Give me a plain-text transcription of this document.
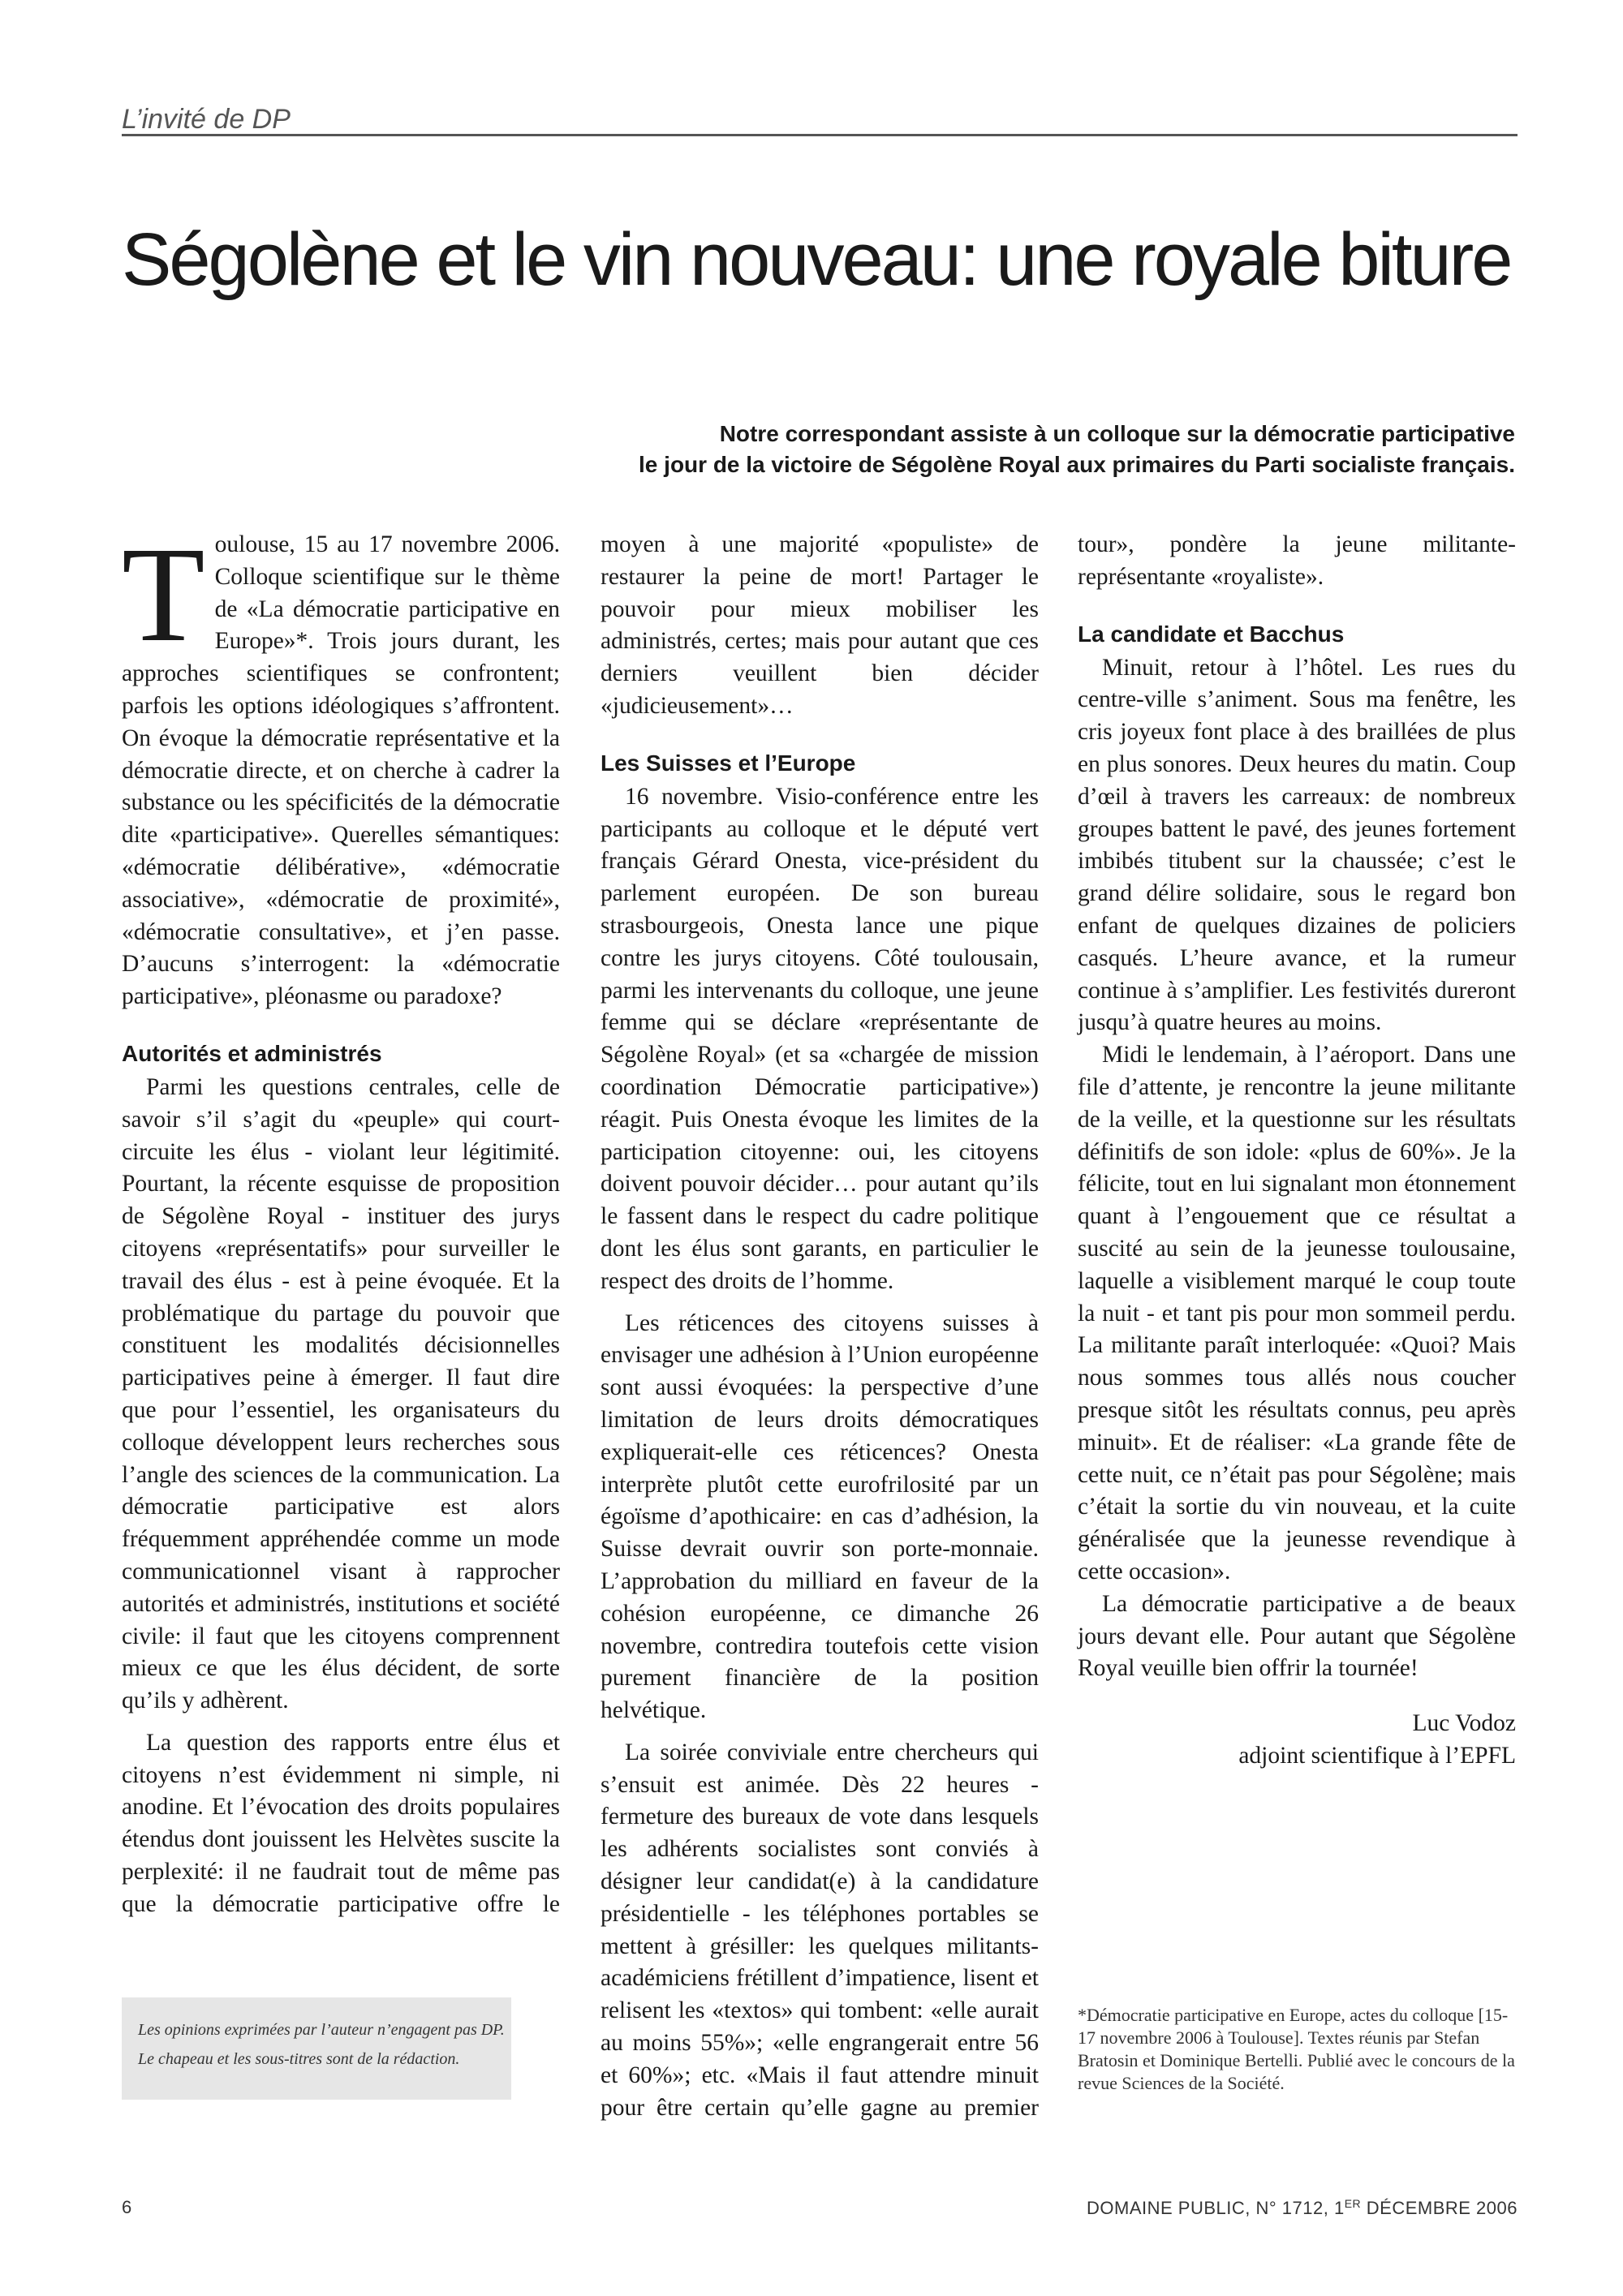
L’invité de DP
Ségolène et le vin nouveau: une royale biture
Notre correspondant assiste à un colloque sur la démocratie participative
le jour de la victoire de Ségolène Royal aux primaires du Parti socialiste français.

Toulouse, 15 au 17 novembre 2006. Colloque scientifique sur le thème de «La démocratie participative en Europe»*. Trois jours durant, les approches scientifiques se confrontent; parfois les options idéologiques s’affrontent. On évoque la démocratie représentative et la démocratie directe, et on cherche à cadrer la substance ou les spécificités de la démocratie dite «participative». Querelles sémantiques: «démocratie délibérative», «démocratie associative», «démocratie de proximité», «démocratie consultative», et j’en passe. D’aucuns s’interrogent: la «démocratie participative», pléonasme ou paradoxe?

Autorités et administrés

Parmi les questions centrales, celle de savoir s’il s’agit du «peuple» qui court-circuite les élus - violant leur légitimité. Pourtant, la récente esquisse de proposition de Ségolène Royal - instituer des jurys citoyens «représentatifs» pour surveiller le travail des élus - est à peine évoquée. Et la problématique du partage du pouvoir que constituent les modalités décisionnelles participatives peine à émerger. Il faut dire que pour l’essentiel, les organisateurs du colloque développent leurs recherches sous l’angle des sciences de la communication. La démocratie participative est alors fréquemment appréhendée comme un mode communicationnel visant à rapprocher autorités et administrés, institutions et société civile: il faut que les citoyens comprennent mieux ce que les élus décident, de sorte qu’ils y adhèrent.

La question des rapports entre élus et citoyens n’est évidemment ni simple, ni anodine. Et l’évocation des droits populaires étendus dont jouissent les Helvètes suscite la perplexité: il ne faudrait tout de même pas que la démocratie participative offre le

moyen à une majorité «populiste» de restaurer la peine de mort! Partager le pouvoir pour mieux mobiliser les administrés, certes; mais pour autant que ces derniers veuillent bien décider «judicieusement»…

Les Suisses et l’Europe

16 novembre. Visio-conférence entre les participants au colloque et le député vert français Gérard Onesta, vice-président du parlement européen. De son bureau strasbourgeois, Onesta lance une pique contre les jurys citoyens. Côté toulousain, parmi les intervenants du colloque, une jeune femme qui se déclare «représentante de Ségolène Royal» (et sa «chargée de mission coordination Démocratie participative») réagit. Puis Onesta évoque les limites de la participation citoyenne: oui, les citoyens doivent pouvoir décider… pour autant qu’ils le fassent dans le respect du cadre politique dont les élus sont garants, en particulier le respect des droits de l’homme.

Les réticences des citoyens suisses à envisager une adhésion à l’Union européenne sont aussi évoquées: la perspective d’une limitation de leurs droits démocratiques expliquerait-elle ces réticences? Onesta interprète plutôt cette eurofrilosité par un égoïsme d’apothicaire: en cas d’adhésion, la Suisse devrait ouvrir son porte-monnaie. L’approbation du milliard en faveur de la cohésion européenne, ce dimanche 26 novembre, contredira toutefois cette vision purement financière de la position helvétique.

La soirée conviviale entre chercheurs qui s’ensuit est animée. Dès 22 heures - fermeture des bureaux de vote dans lesquels les adhérents socialistes sont conviés à désigner leur candidat(e) à la candidature présidentielle - les téléphones portables se mettent à grésiller: les quelques militants-académiciens frétillent d’impatience, lisent et relisent les «textos» qui tombent: «elle aurait au moins 55%»; «elle engrangerait entre 56 et 60%»; etc. «Mais il faut attendre minuit pour être certain qu’elle gagne au premier

tour», pondère la jeune militante-représentante «royaliste».

La candidate et Bacchus

Minuit, retour à l’hôtel. Les rues du centre-ville s’animent. Sous ma fenêtre, les cris joyeux font place à des braillées de plus en plus sonores. Deux heures du matin. Coup d’œil à travers les carreaux: de nombreux groupes battent le pavé, des jeunes fortement imbibés titubent sur la chaussée; c’est le grand délire solidaire, sous le regard bon enfant de quelques dizaines de policiers casqués. L’heure avance, et la rumeur continue à s’amplifier. Les festivités dureront jusqu’à quatre heures au moins.

Midi le lendemain, à l’aéroport. Dans une file d’attente, je rencontre la jeune militante de la veille, et la questionne sur les résultats définitifs de son idole: «plus de 60%». Je la félicite, tout en lui signalant mon étonnement quant à l’engouement que ce résultat a suscité au sein de la jeunesse toulousaine, laquelle a visiblement marqué le coup toute la nuit - et tant pis pour mon sommeil perdu. La militante paraît interloquée: «Quoi? Mais nous sommes tous allés nous coucher presque sitôt les résultats connus, peu après minuit». Et de réaliser: «La grande fête de cette nuit, ce n’était pas pour Ségolène; mais c’était la sortie du vin nouveau, et la cuite généralisée que la jeunesse revendique à cette occasion».

La démocratie participative a de beaux jours devant elle. Pour autant que Ségolène Royal veuille bien offrir la tournée!

Luc Vodoz
adjoint scientifique à l’EPFL
Les opinions exprimées par l’auteur n’engagent pas DP.
Le chapeau et les sous-titres sont de la rédaction.
*Démocratie participative en Europe, actes du colloque [15-17 novembre 2006 à Toulouse]. Textes réunis par Stefan Bratosin et Dominique Bertelli. Publié avec le concours de la revue Sciences de la Société.
6	DOMAINE PUBLIC, N° 1712, 1ER DÉCEMBRE 2006
